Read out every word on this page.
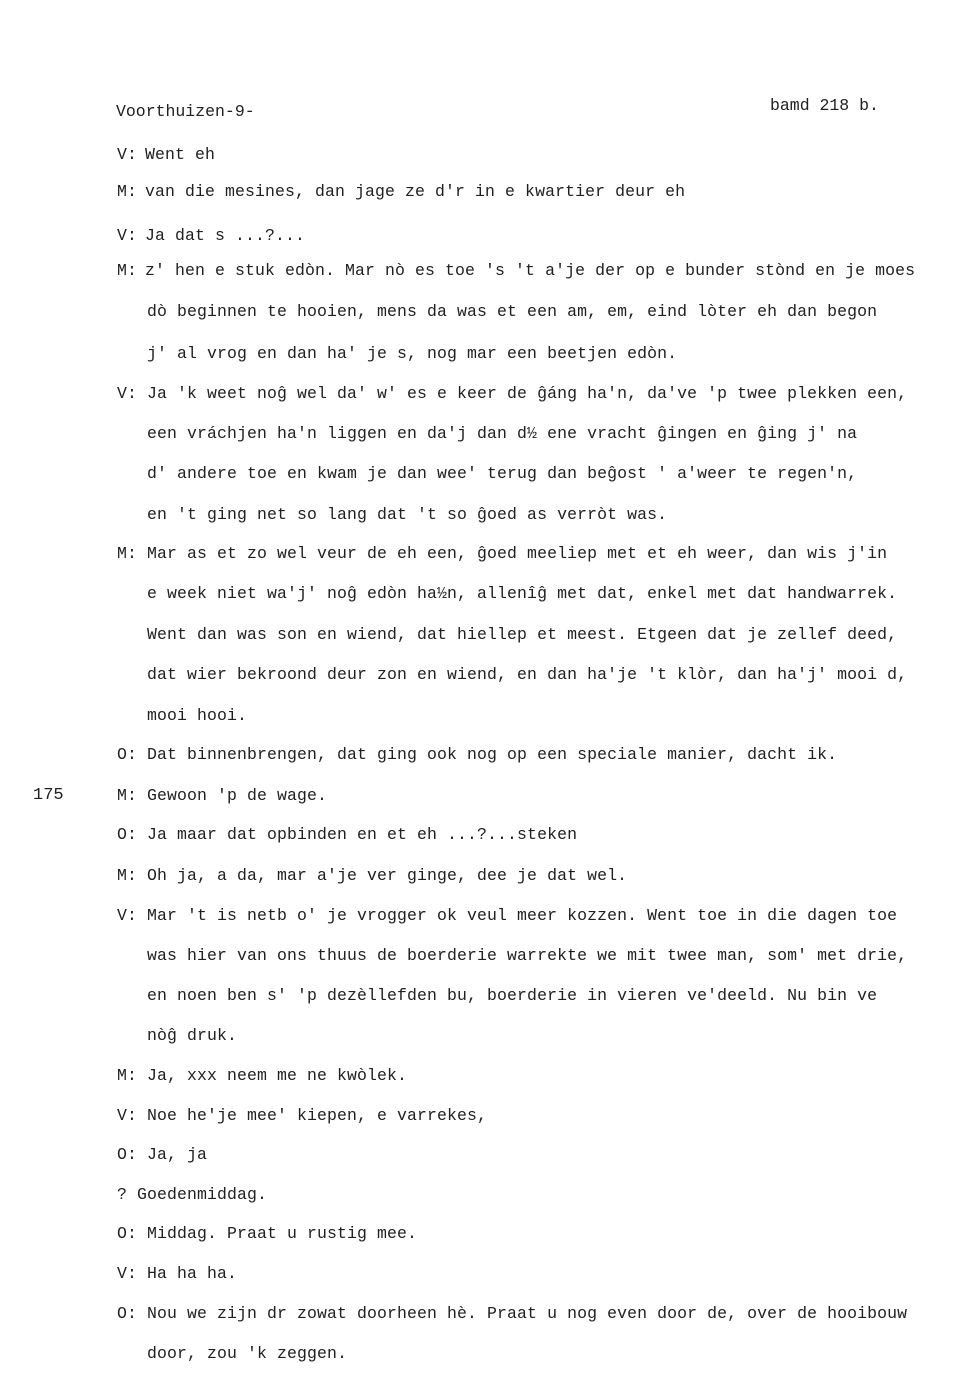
Voorthuizen-9-	bamd 218 b.
175
V: Went eh
M: van die mesines, dan jage ze d'r in e kwartier deur eh
V: Ja dat s ...?...
M: z' hen e stuk edòn. Mar nò es toe 's 't a'je der op e bunder stònd en je moes
dò beginnen te hooien, mens da was et een am, em, eind lòter eh dan begon
j' al vrog en dan ha' je s, nog mar een beetjen edòn.
V: Ja 'k weet noĝ wel da' w' es e keer de ĝáng ha'n, da've 'p twee plekken een,
een vráchjen ha'n liggen en da'j dan d½ ene vracht ĝingen en ĝing j' na
d' andere toe en kwam je dan wee' terug dan beĝost ' a'weer te regen'n,
en 't ging net so lang dat 't so ĝoed as verròt was.
M: Mar as et zo wel veur de eh een, ĝoed meeliep met et eh weer, dan wis j'in
e week niet wa'j' noĝ edòn ha½n, allenîĝ met dat, enkel met dat handwarrek.
Went dan was son en wiend, dat hiellep et meest. Etgeen dat je zellef deed,
dat wier bekroond deur zon en wiend, en dan ha'je 't klòr, dan ha'j' mooi d,
mooi hooi.
O: Dat binnenbrengen, dat ging ook nog op een speciale manier, dacht ik.
M: Gewoon 'p de wage.
O: Ja maar dat opbinden en et eh ...?...steken
M: Oh ja, a da, mar a'je ver ginge, dee je dat wel.
V: Mar 't is netb o' je vrogger ok veul meer kozzen. Went toe in die dagen toe
was hier van ons thuus de boerderie warrekte we mit twee man, som' met drie,
en noen ben s' 'p dezèllefden bu, boerderie in vieren ve'deeld. Nu bin ve
nòĝ druk.
M: Ja, xxx neem me ne kwòlek.
V: Noe he'je mee' kiepen, e varrekes,
O: Ja, ja
? Goedenmiddag.
O: Middag. Praat u rustig mee.
V: Ha ha ha.
O: Nou we zijn dr zowat doorheen hè. Praat u nog even door de, over de hooibouw
door, zou 'k zeggen.
